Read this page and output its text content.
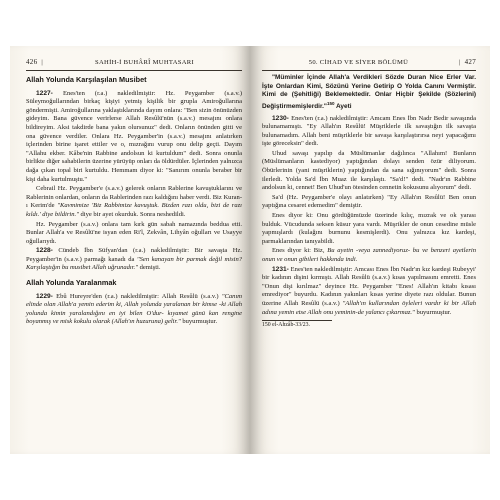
426 |	SAHİH-İ BUHÂRÎ MUHTASARI
Allah Yolunda Karşılaşılan Musibet

1227- Enes'ten (r.a.) nakledilmiştir: Hz. Peygamber (s.a.v.) Süleymoğullarından birkaç kişiyi yetmiş kişilik bir grupla Amiroğullarına göndermişti. Amiroğullarına yaklaştıklarında dayım onlara: "Ben sizin önünüzden gideyim. Bana güvence verirlerse Allah Resûlü'nün (s.a.v.) mesajını onlara bildireyim. Aksi takdirde bana yakın olursunuz" dedi. Onların önünden gitti ve ona güvence verdiler. Onlara Hz. Peygamber'in (s.a.v.) mesajını anlatırken içlerinden birine işaret ettiler ve o, mızrağını vurup onu delip geçti. Dayım "Allahu ekber. Kâbe'nin Rabbine andolsun ki kurtuldum" dedi. Sonra onunla birlikte diğer sahabilerin üzerine yürüyüp onları da öldürdüler. İçlerinden yalnızca dağa çıkan topal biri kurtuldu. Hemmam diyor ki: "Sanırım onunla beraber bir kişi daha kurtulmuştu."

Cebrail Hz. Peygamber'e (s.a.v.) gelerek onların Rablerine kavuştuklarını ve Rablerinin onlardan, onların da Rablerinden razı kaldığını haber verdi. Biz Kuran-ı Kerim'de "Kavmimize 'Biz Rabbimize kavuştuk. Bizden razı oldu, bizi de razı kıldı.' diye bildirin." diye bir ayet okurduk. Sonra neshedildi.

Hz. Peygamber (s.a.v.) onlara tam kırk gün sabah namazında beddua etti. Bunlar Allah'a ve Resûlü'ne isyan eden Ri'l, Zekvân, Lihyân oğulları ve Usayye oğullarıydı.

1228- Cündeb İbn Süfyan'dan (r.a.) nakledilmiştir: Bir savaşta Hz. Peygamber'in (s.a.v.) parmağı kanadı da "Sen kanayan bir parmak değil misin? Karşılaştığın bu musibet Allah uğrunadır." demişti.

Allah Yolunda Yaralanmak

1229- Ebû Hureyre'den (r.a.) nakledilmiştir: Allah Resûlü (s.a.v.) "Canım elinde olan Allah'a yemin ederim ki, Allah yolunda yaralanan bir kimse -ki Allah yolunda kimin yaralandığını en iyi bilen O'dur- kıyamet günü kan rengine boyanmış ve misk kokulu olarak (Allah'ın huzuruna) gelir." buyurmuştur.

50. CİHAD VE SİYER BÖLÜMÜ	| 427
"Müminler İçinde Allah'a Verdikleri Sözde Duran Nice Erler Var. İşte Onlardan Kimi, Sözünü Yerine Getirip O Yolda Canını Vermiştir. Kimi de (Şehitliği) Beklemektedir. Onlar Hiçbir Şekilde (Sözlerini) Değiştirmemişlerdir."$^{150}$ Ayeti

1230- Enes'ten (r.a.) nakledilmiştir: Amcam Enes İbn Nadr Bedir savaşında bulunamamıştı. "Ey Allah'ın Resûlü! Müşriklerle ilk savaştığın ilk savaşta bulunamadım. Allah beni müşriklerle bir savaşa karşılaştırırsa neyi yapacağımı işte göreceksin" dedi.

Uhud savaşı yapılıp da Müslümanlar dağılınca "Allahım! Bunların (Müslümanların kastediyor) yaptığından dolayı senden özür diliyorum. Öbürlerinin (yani müşriklerin) yaptığından da sana sığınıyorum" dedi. Sonra ilerledi. Yolda Sa'd İbn Muaz ile karşılaştı. "Sa'd!" dedi. "Nadr'ın Rabbine andolsun ki, cennet! Ben Uhud'un ötesinden cennetin kokusunu alıyorum" dedi.

Sa'd (Hz. Peygamber'e olayı anlatırken) "Ey Allah'ın Resûlü! Ben onun yaptığına cesaret edemedim" demiştir.

Enes diyor ki: Onu gördüğümüzde üzerinde kılıç, mızrak ve ok yarası bulduk. Vücudunda seksen küsur yara vardı. Müşrikler de onun cesedine müsle yapmışlardı (kulağını burnunu kesmişlerdi). Onu yalnızca kız kardeşi, parmaklarından tanıyabildi.

Enes diyor ki: Biz, Bu ayetin -veya zannediyoruz- bu ve benzeri ayetlerin onun ve onun gibileri hakkında indi.

1231- Enes'ten nakledilmiştir: Amcası Enes İbn Nadr'ın kız kardeşi Rubeyyi' bir kadının dişini kırmıştı. Allah Resûlü (s.a.v.) kısas yapılmasını emretti. Enes "Onun dişi kırılmaz" deyince Hz. Peygamber "Enes! Allah'ın kitabı kısası emrediyor" buyurdu. Kadının yakınları kısas yerine diyete razı oldular. Bunun üzerine Allah Resûlü (s.a.v.) "Allah'ın kullarından öyleleri vardır ki bir Allah adına yemin etse Allah onu yeminin-de yalancı çıkarmaz." buyurmuştur.

150 el-Ahzâb-33/23.
